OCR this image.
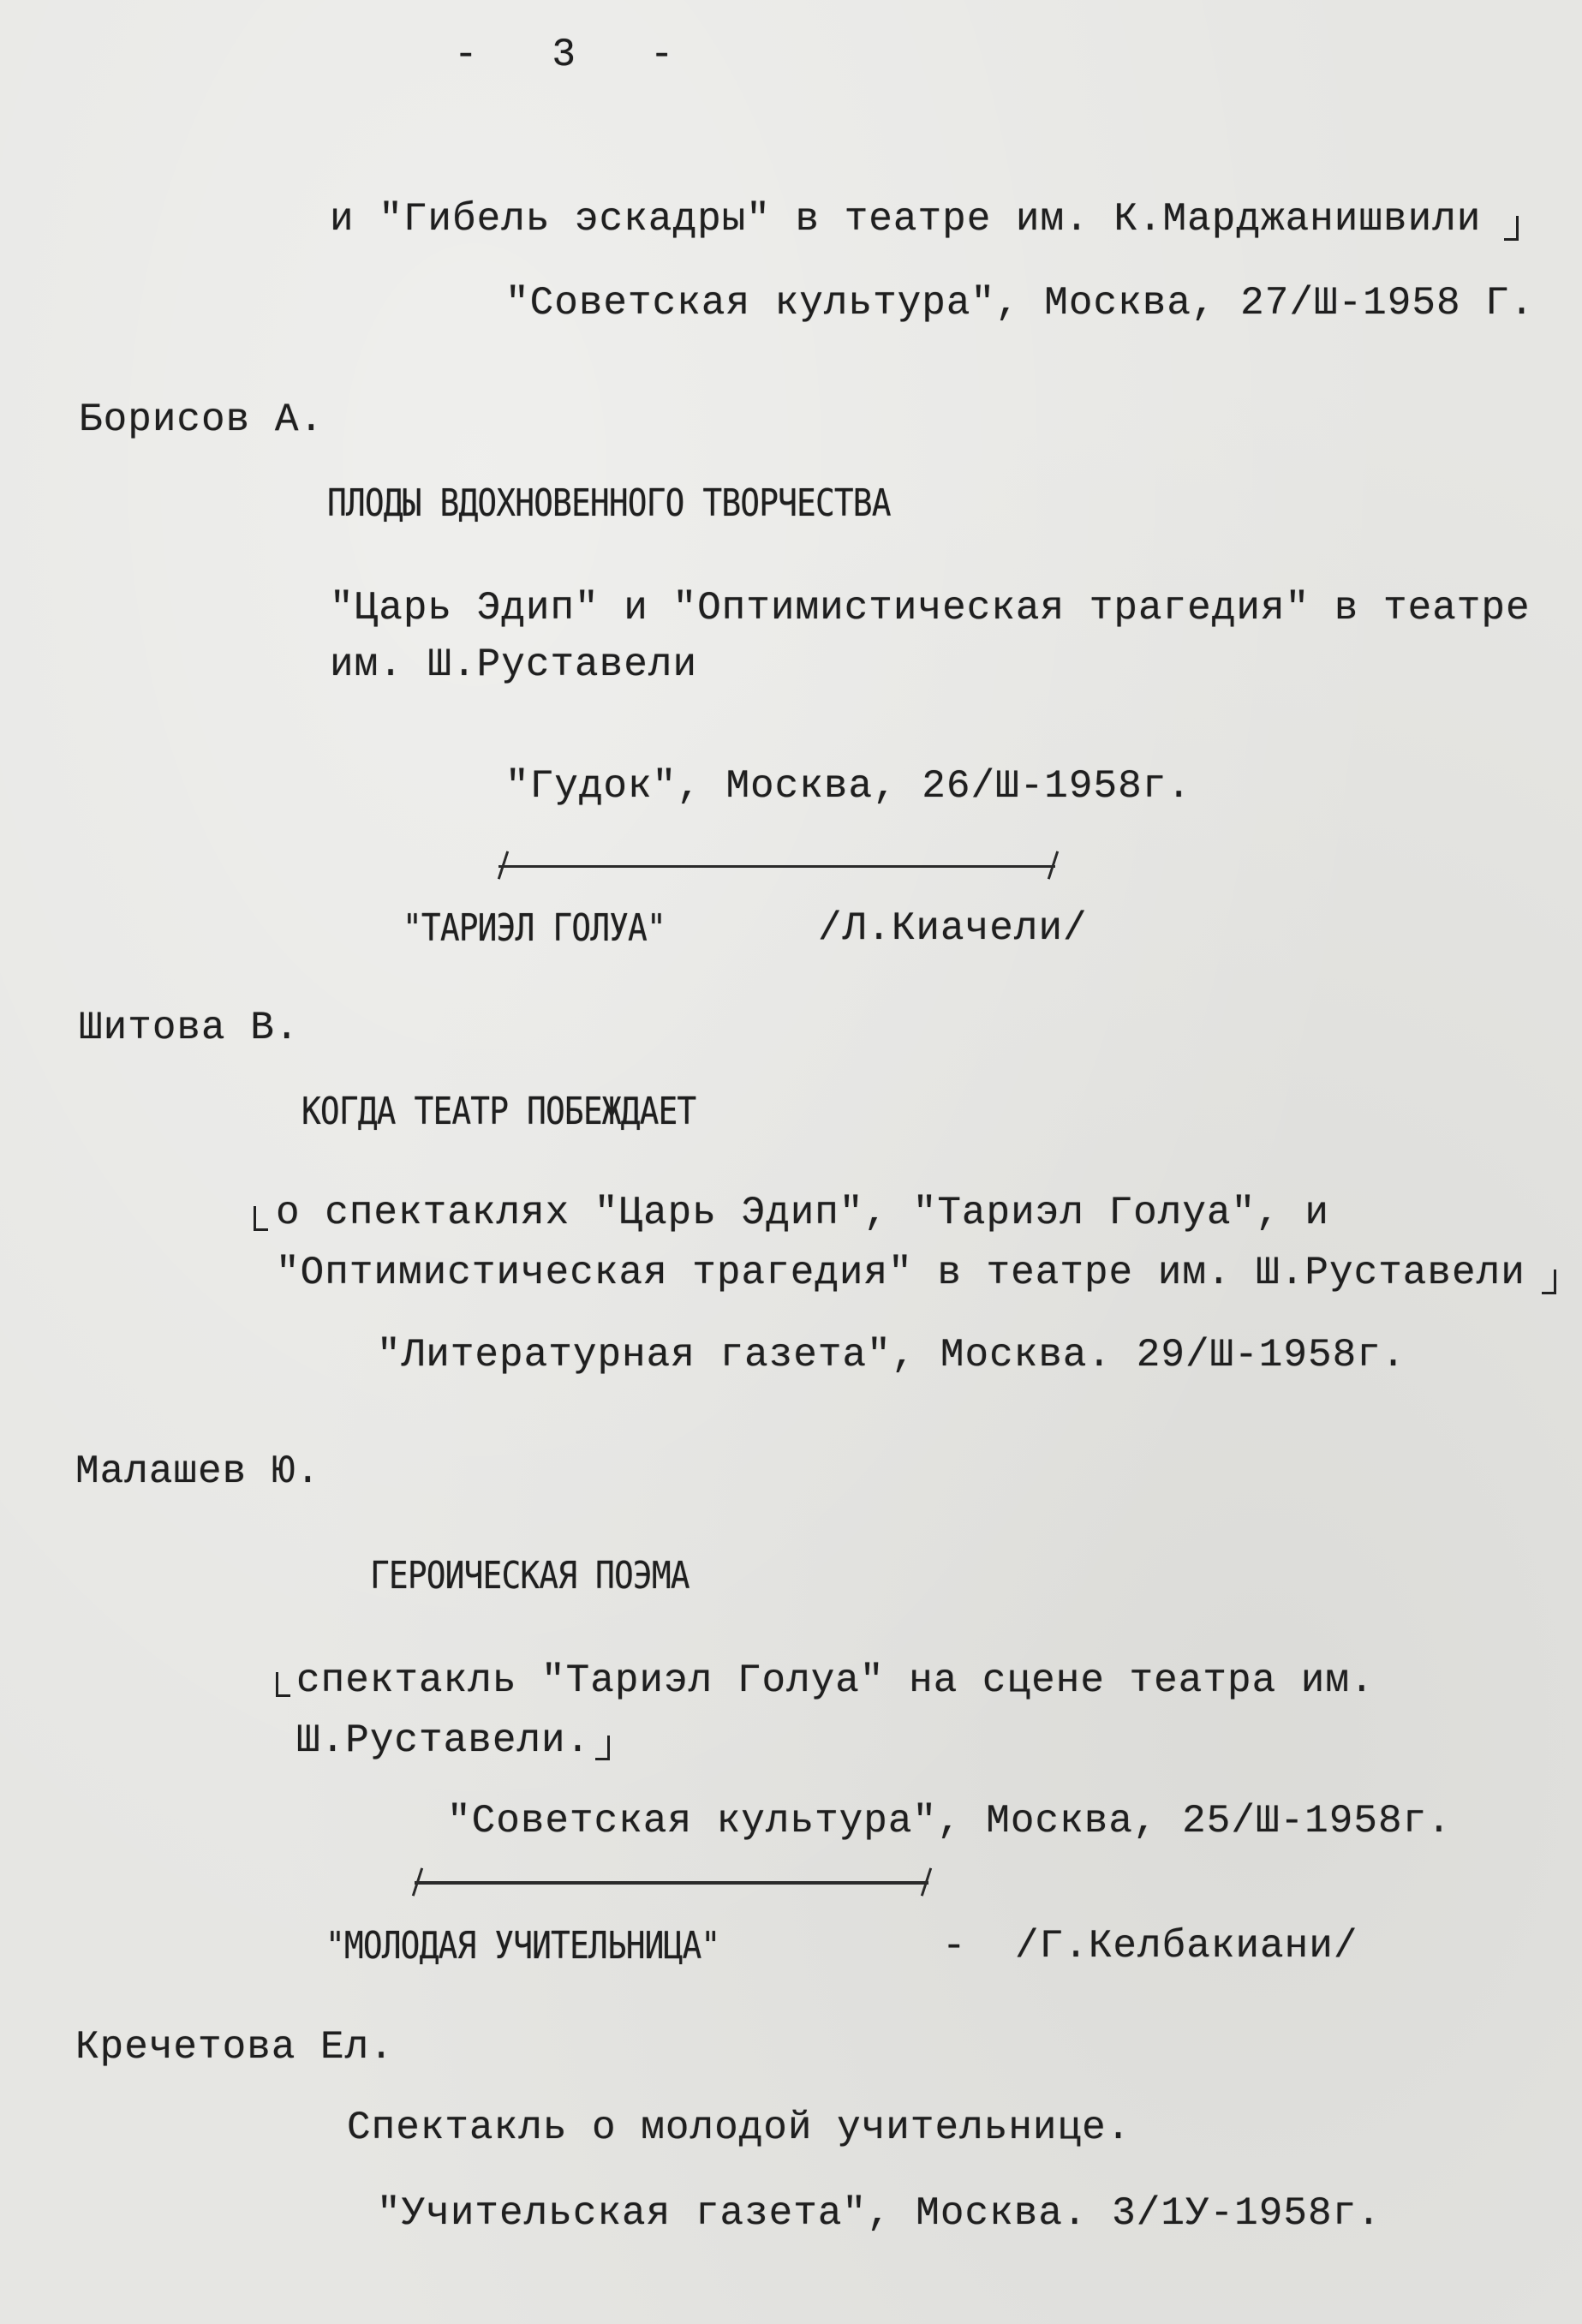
-   3   -
и "Гибель эскадры" в театре им. К.Марджанишвили
"Советская культура", Москва, 27/Ш-1958 Г.
Борисов А.
ПЛОДЫ ВДОХНОВЕННОГО ТВОРЧЕСТВА
"Царь Эдип" и "Оптимистическая трагедия" в театре
им. Ш.Руставели
"Гудок", Москва, 26/Ш-1958г.
"ТАРИЭЛ ГОЛУА"	/Л.Киачели/
Шитова В.
КОГДА ТЕАТР ПОБЕЖДАЕТ
о спектаклях "Царь Эдип", "Тариэл Голуа", и
"Оптимистическая трагедия" в театре им. Ш.Руставели
"Литературная газета", Москва. 29/Ш-1958г.
Малашев Ю.
ГЕРОИЧЕСКАЯ ПОЭМА
спектакль "Тариэл Голуа" на сцене театра им.
Ш.Руставели.
"Советская культура", Москва, 25/Ш-1958г.
"МОЛОДАЯ УЧИТЕЛЬНИЦА"	- /Г.Келбакиани/
Кречетова Ел.
Спектакль о молодой учительнице.
"Учительская газета", Москва. 3/1У-1958г.
